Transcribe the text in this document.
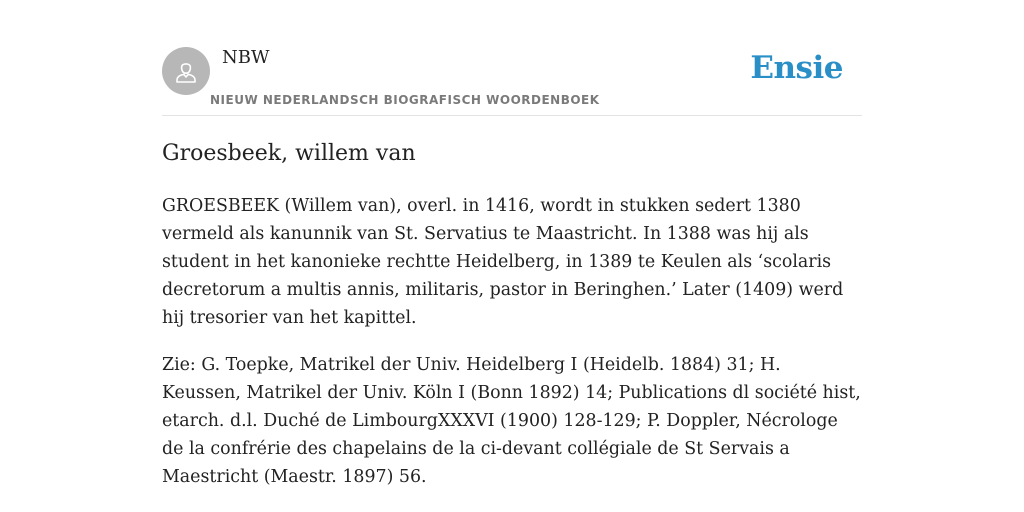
NBW
NIEUW NEDERLANDSCH BIOGRAFISCH WOORDENBOEK
Ensie
Groesbeek, willem van

GROESBEEK (Willem van), overl. in 1416, wordt in stukken sedert 1380 vermeld als kanunnik van St. Servatius te Maastricht. In 1388 was hij als student in het kanonieke rechtte Heidelberg, in 1389 te Keulen als ‘scolaris decretorum a multis annis, militaris, pastor in Beringhen.’ Later (1409) werd hij tresorier van het kapittel.

Zie: G. Toepke, Matrikel der Univ. Heidelberg I (Heidelb. 1884) 31; H. Keussen, Matrikel der Univ. Köln I (Bonn 1892) 14; Publications dl société hist, etarch. d.l. Duché de LimbourgXXXVI (1900) 128-129; P. Doppler, Nécrologe de la confrérie des chapelains de la ci-devant collégiale de St Servais a Maestricht (Maestr. 1897) 56.
